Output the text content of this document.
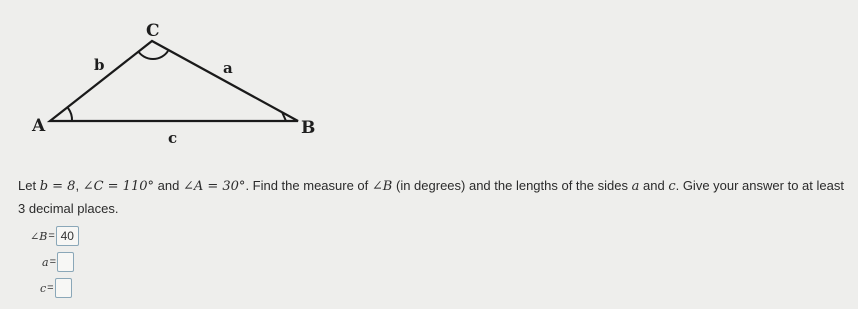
C
b	a
A	B
c
Let b = 8, ∠C = 110° and ∠A = 30°. Find the measure of ∠B (in degrees) and the lengths of the sides a and c. Give your answer to at least 3 decimal places.
∠B = 40
a =
c =
